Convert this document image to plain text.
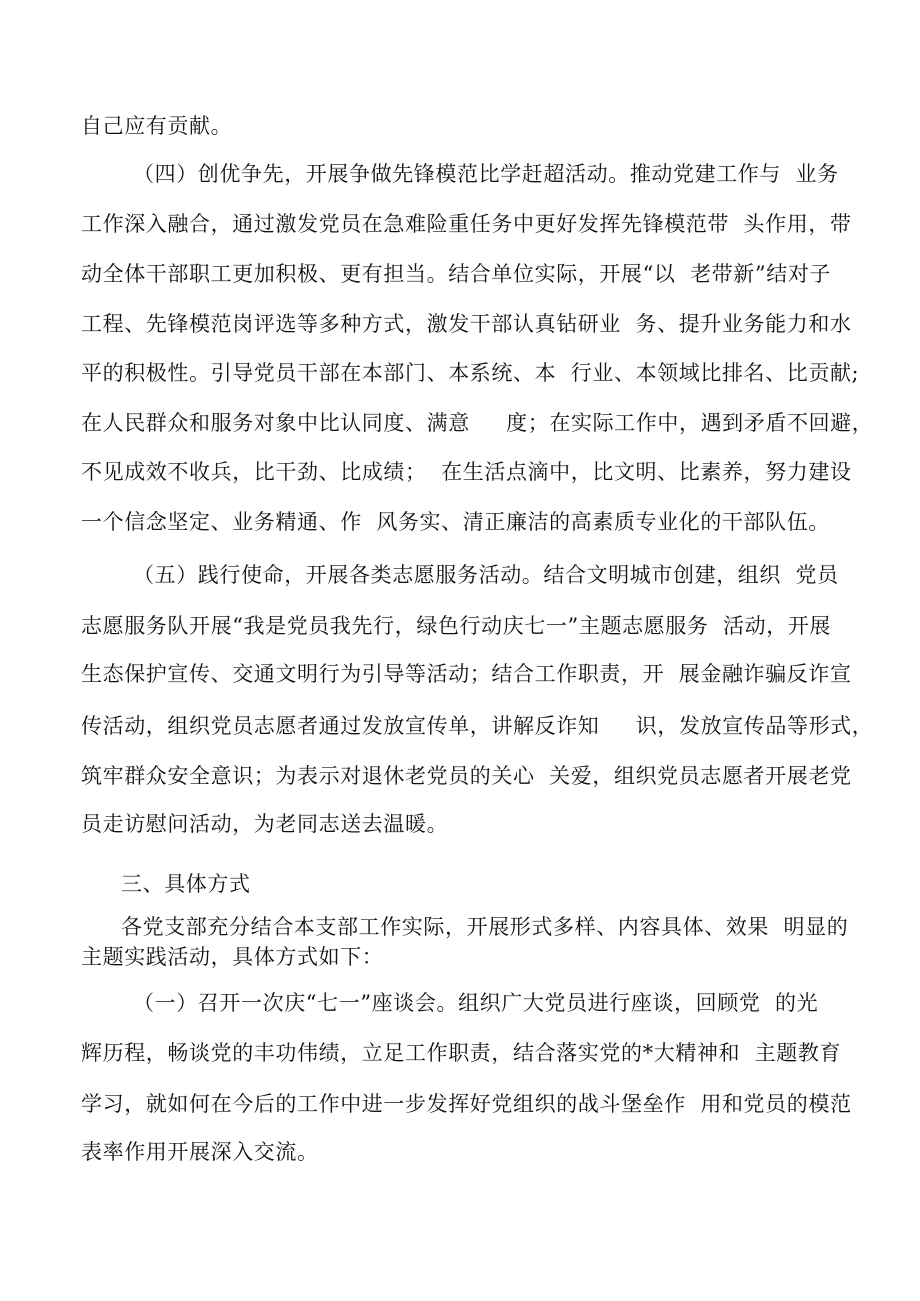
自己应有贡献。
（四）创优争先，开展争做先锋模范比学赶超活动。推动党建工作与  业务
工作深入融合，通过激发党员在急难险重任务中更好发挥先锋模范带  头作用，带
动全体干部职工更加积极、更有担当。结合单位实际，开展“以  老带新”结对子
工程、先锋模范岗评选等多种方式，激发干部认真钻研业  务、提升业务能力和水
平的积极性。引导党员干部在本部门、本系统、本  行业、本领域比排名、比贡献;
在人民群众和服务对象中比认同度、满意     度；在实际工作中，遇到矛盾不回避，
不见成效不收兵，比干劲、比成绩；  在生活点滴中，比文明、比素养，努力建设
一个信念坚定、业务精通、作  风务实、清正廉洁的高素质专业化的干部队伍。
（五）践行使命，开展各类志愿服务活动。结合文明城市创建，组织  党员
志愿服务队开展“我是党员我先行，绿色行动庆七一”主题志愿服务  活动，开展
生态保护宣传、交通文明行为引导等活动；结合工作职责，开  展金融诈骗反诈宣
传活动，组织党员志愿者通过发放宣传单，讲解反诈知     识，发放宣传品等形式，
筑牢群众安全意识；为表示对退休老党员的关心  关爱，组织党员志愿者开展老党
员走访慰问活动，为老同志送去温暖。
三、具体方式
各党支部充分结合本支部工作实际，开展形式多样、内容具体、效果  明显的
主题实践活动，具体方式如下：
（一）召开一次庆“七一”座谈会。组织广大党员进行座谈，回顾党  的光
辉历程，畅谈党的丰功伟绩，立足工作职责，结合落实党的*大精神和  主题教育
学习，就如何在今后的工作中进一步发挥好党组织的战斗堡垒作  用和党员的模范
表率作用开展深入交流。
